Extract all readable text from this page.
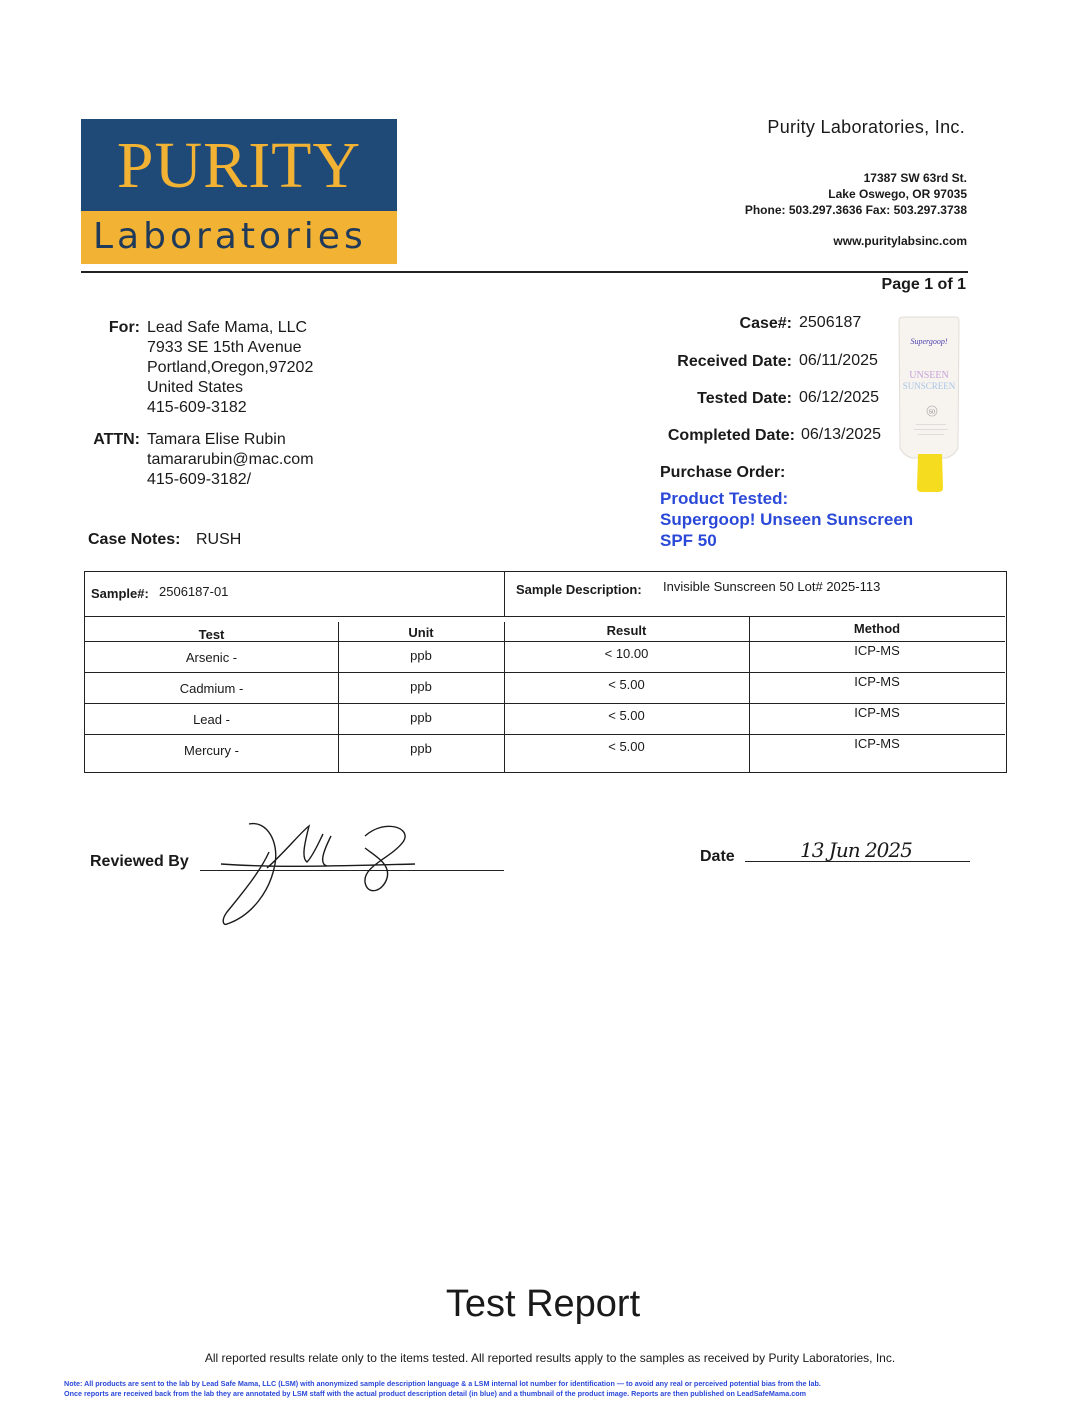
PURITY
Laboratories
Purity Laboratories, Inc.
17387 SW 63rd St.
Lake Oswego, OR 97035
Phone: 503.297.3636 Fax: 503.297.3738
www.puritylabsinc.com
Page 1 of 1
For: Lead Safe Mama, LLC
7933 SE 15th Avenue
Portland,Oregon,97202
United States
415-609-3182
ATTN: Tamara Elise Rubin
tamararubin@mac.com
415-609-3182/
Case Notes: RUSH
Case#: 2506187
Received Date: 06/11/2025
Tested Date: 06/12/2025
Completed Date: 06/13/2025
Purchase Order:
Product Tested:
Supergoop! Unseen Sunscreen
SPF 50
Supergoop!
UNSEEN
SUNSCREEN
50
Sample#: 2506187-01	Sample Description: Invisible Sunscreen 50 Lot# 2025-113
Test	Unit	Result	Method
Arsenic -	ppb	< 10.00	ICP-MS
Cadmium -	ppb	< 5.00	ICP-MS
Lead -	ppb	< 5.00	ICP-MS
Mercury -	ppb	< 5.00	ICP-MS
Reviewed By	Date	13 Jun 2025
Test Report
All reported results relate only to the items tested. All reported results apply to the samples as received by Purity Laboratories, Inc.
Note: All products are sent to the lab by Lead Safe Mama, LLC (LSM) with anonymized sample description language & a LSM internal lot number for identification — to avoid any real or perceived potential bias from the lab.
Once reports are received back from the lab they are annotated by LSM staff with the actual product description detail (in blue) and a thumbnail of the product image. Reports are then published on LeadSafeMama.com
